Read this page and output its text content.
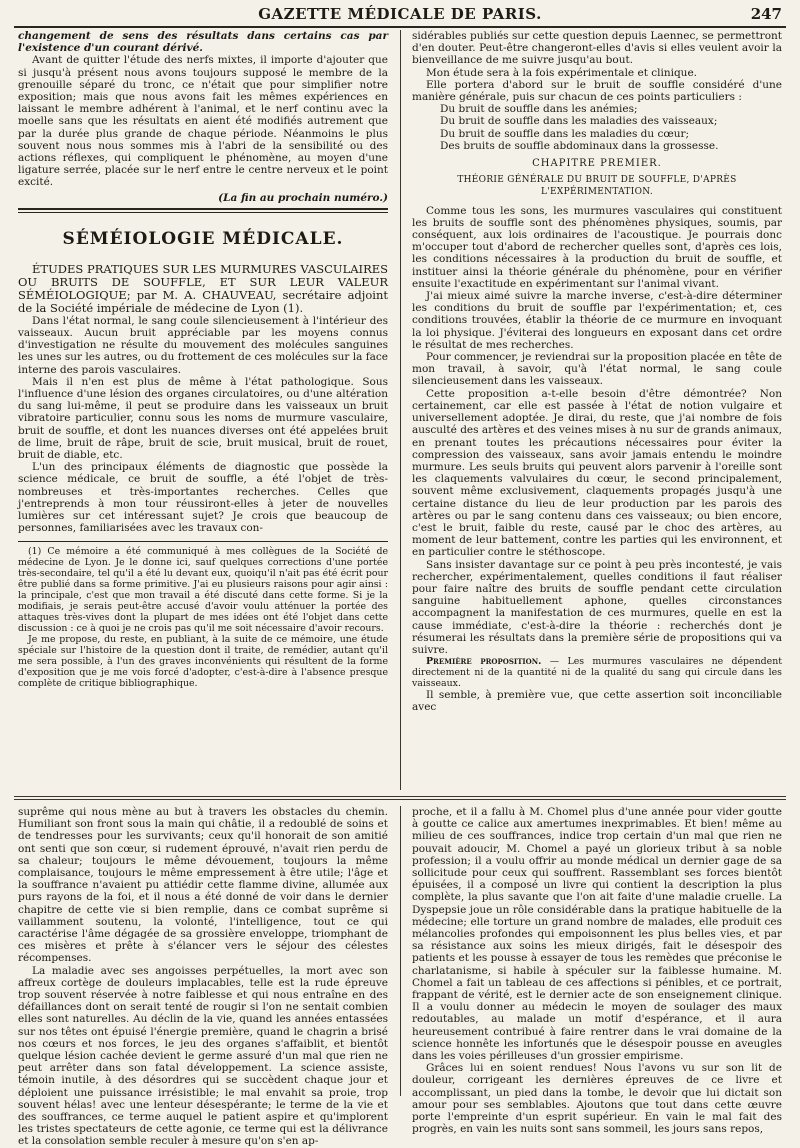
GAZETTE MÉDICALE DE PARIS.	247

changement de sens des résultats dans certains cas par l'existence d'un courant dérivé.

Avant de quitter l'étude des nerfs mixtes, il importe d'ajouter que si jusqu'à présent nous avons toujours supposé le membre de la grenouille séparé du tronc, ce n'était que pour simplifier notre exposition; mais que nous avons fait les mêmes expériences en laissant le membre adhérent à l'animal, et le nerf continu avec la moelle sans que les résultats en aient été modifiés autrement que par la durée plus grande de chaque période. Néanmoins le plus souvent nous nous sommes mis à l'abri de la sensibilité ou des actions réflexes, qui compliquent le phénomène, au moyen d'une ligature serrée, placée sur le nerf entre le centre nerveux et le point excité.

(La fin au prochain numéro.)
SÉMÉIOLOGIE MÉDICALE.

ÉTUDES PRATIQUES SUR LES MURMURES VASCULAIRES OU BRUITS DE SOUFFLE, ET SUR LEUR VALEUR SÉMÉIOLOGIQUE; par M. A. CHAUVEAU, secrétaire adjoint de la Société impériale de médecine de Lyon (1).

Dans l'état normal, le sang coule silencieusement à l'intérieur des vaisseaux. Aucun bruit appréciable par les moyens connus d'investigation ne résulte du mouvement des molécules sanguines les unes sur les autres, ou du frottement de ces molécules sur la face interne des parois vasculaires.

Mais il n'en est plus de même à l'état pathologique. Sous l'influence d'une lésion des organes circulatoires, ou d'une altération du sang lui-même, il peut se produire dans les vaisseaux un bruit vibratoire particulier, connu sous les noms de murmure vasculaire, bruit de souffle, et dont les nuances diverses ont été appelées bruit de lime, bruit de râpe, bruit de scie, bruit musical, bruit de rouet, bruit de diable, etc.

L'un des principaux éléments de diagnostic que possède la science médicale, ce bruit de souffle, a été l'objet de très-nombreuses et très-importantes recherches. Celles que j'entreprends à mon tour réussiront-elles à jeter de nouvelles lumières sur cet intéressant sujet? Je crois que beaucoup de personnes, familiarisées avec les travaux con-

(1) Ce mémoire a été communiqué à mes collègues de la Société de médecine de Lyon. Je le donne ici, sauf quelques corrections d'une portée très-secondaire, tel qu'il a été lu devant eux, quoiqu'il n'ait pas été écrit pour être publié dans sa forme primitive. J'ai eu plusieurs raisons pour agir ainsi : la principale, c'est que mon travail a été discuté dans cette forme. Si je la modifiais, je serais peut-être accusé d'avoir voulu atténuer la portée des attaques très-vives dont la plupart de mes idées ont été l'objet dans cette discussion : ce à quoi je ne crois pas qu'il me soit nécessaire d'avoir recours.

Je me propose, du reste, en publiant, à la suite de ce mémoire, une étude spéciale sur l'histoire de la question dont il traite, de remédier, autant qu'il me sera possible, à l'un des graves inconvénients qui résultent de la forme d'exposition que je me vois forcé d'adopter, c'est-à-dire à l'absence presque complète de critique bibliographique.

sidérables publiés sur cette question depuis Laennec, se permettront d'en douter. Peut-être changeront-elles d'avis si elles veulent avoir la bienveillance de me suivre jusqu'au bout.

Mon étude sera à la fois expérimentale et clinique.

Elle portera d'abord sur le bruit de souffle considéré d'une manière générale, puis sur chacun de ces points particuliers :

Du bruit de souffle dans les anémies;

Du bruit de souffle dans les maladies des vaisseaux;

Du bruit de souffle dans les maladies du cœur;

Des bruits de souffle abdominaux dans la grossesse.

CHAPITRE PREMIER.
THÉORIE GÉNÉRALE DU BRUIT DE SOUFFLE, D'APRÈS L'EXPÉRIMENTATION.

Comme tous les sons, les murmures vasculaires qui constituent les bruits de souffle sont des phénomènes physiques, soumis, par conséquent, aux lois ordinaires de l'acoustique. Je pourrais donc m'occuper tout d'abord de rechercher quelles sont, d'après ces lois, les conditions nécessaires à la production du bruit de souffle, et instituer ainsi la théorie générale du phénomène, pour en vérifier ensuite l'exactitude en expérimentant sur l'animal vivant.

J'ai mieux aimé suivre la marche inverse, c'est-à-dire déterminer les conditions du bruit de souffle par l'expérimentation; et, ces conditions trouvées, établir la théorie de ce murmure en invoquant la loi physique. J'éviterai des longueurs en exposant dans cet ordre le résultat de mes recherches.

Pour commencer, je reviendrai sur la proposition placée en tête de mon travail, à savoir, qu'à l'état normal, le sang coule silencieusement dans les vaisseaux.

Cette proposition a-t-elle besoin d'être démontrée? Non certainement, car elle est passée à l'état de notion vulgaire et universellement adoptée. Je dirai, du reste, que j'ai nombre de fois ausculté des artères et des veines mises à nu sur de grands animaux, en prenant toutes les précautions nécessaires pour éviter la compression des vaisseaux, sans avoir jamais entendu le moindre murmure. Les seuls bruits qui peuvent alors parvenir à l'oreille sont les claquements valvulaires du cœur, le second principalement, souvent même exclusivement, claquements propagés jusqu'à une certaine distance du lieu de leur production par les parois des artères ou par le sang contenu dans ces vaisseaux; ou bien encore, c'est le bruit, faible du reste, causé par le choc des artères, au moment de leur battement, contre les parties qui les environnent, et en particulier contre le stéthoscope.

Sans insister davantage sur ce point à peu près incontesté, je vais rechercher, expérimentalement, quelles conditions il faut réaliser pour faire naître des bruits de souffle pendant cette circulation sanguine habituellement aphone, quelles circonstances accompagnent la manifestation de ces murmures, quelle en est la cause immédiate, c'est-à-dire la théorie : recherchés dont je résumerai les résultats dans la première série de propositions qui va suivre.

Première proposition. — Les murmures vasculaires ne dépendent directement ni de la quantité ni de la qualité du sang qui circule dans les vaisseaux.

Il semble, à première vue, que cette assertion soit inconciliable avec

suprême qui nous mène au but à travers les obstacles du chemin. Humiliant son front sous la main qui châtie, il a redoublé de soins et de tendresses pour les survivants; ceux qu'il honorait de son amitié ont senti que son cœur, si rudement éprouvé, n'avait rien perdu de sa chaleur; toujours le même dévouement, toujours la même complaisance, toujours le même empressement à être utile; l'âge et la souffrance n'avaient pu attiédir cette flamme divine, allumée aux purs rayons de la foi, et il nous a été donné de voir dans le dernier chapitre de cette vie si bien remplie, dans ce combat suprême si vaillamment soutenu, la volonté, l'intelligence, tout ce qui caractérise l'âme dégagée de sa grossière enveloppe, triomphant de ces misères et prête à s'élancer vers le séjour des célestes récompenses.

La maladie avec ses angoisses perpétuelles, la mort avec son affreux cortège de douleurs implacables, telle est la rude épreuve trop souvent réservée à notre faiblesse et qui nous entraîne en des défaillances dont on serait tenté de rougir si l'on ne sentait combien elles sont naturelles. Au déclin de la vie, quand les années entassées sur nos têtes ont épuisé l'énergie première, quand le chagrin a brisé nos cœurs et nos forces, le jeu des organes s'affaiblit, et bientôt quelque lésion cachée devient le germe assuré d'un mal que rien ne peut arrêter dans son fatal développement. La science assiste, témoin inutile, à des désordres qui se succèdent chaque jour et déploient une puissance irrésistible; le mal envahit sa proie, trop souvent hélas! avec une lenteur désespérante; le terme de la vie et des souffrances, ce terme auquel le patient aspire et qu'implorent les tristes spectateurs de cette agonie, ce terme qui est la délivrance et la consolation semble reculer à mesure qu'on s'en ap-

proche, et il a fallu à M. Chomel plus d'une année pour vider goutte à goutte ce calice aux amertumes inexprimables. Et bien! même au milieu de ces souffrances, indice trop certain d'un mal que rien ne pouvait adoucir, M. Chomel a payé un glorieux tribut à sa noble profession; il a voulu offrir au monde médical un dernier gage de sa sollicitude pour ceux qui souffrent. Rassemblant ses forces bientôt épuisées, il a composé un livre qui contient la description la plus complète, la plus savante que l'on ait faite d'une maladie cruelle. La Dyspepsie joue un rôle considérable dans la pratique habituelle de la médecine; elle torture un grand nombre de malades, elle produit ces mélancolies profondes qui empoisonnent les plus belles vies, et par sa résistance aux soins les mieux dirigés, fait le désespoir des patients et les pousse à essayer de tous les remèdes que préconise le charlatanisme, si habile à spéculer sur la faiblesse humaine. M. Chomel a fait un tableau de ces affections si pénibles, et ce portrait, frappant de vérité, est le dernier acte de son enseignement clinique. Il a voulu donner au médecin le moyen de soulager des maux redoutables, au malade un motif d'espérance, et il aura heureusement contribué à faire rentrer dans le vrai domaine de la science honnête les infortunés que le désespoir pousse en aveugles dans les voies périlleuses d'un grossier empirisme.

Grâces lui en soient rendues! Nous l'avons vu sur son lit de douleur, corrigeant les dernières épreuves de ce livre et accomplissant, un pied dans la tombe, le devoir que lui dictait son amour pour ses semblables. Ajoutons que tout dans cette œuvre porte l'empreinte d'un esprit supérieur. En vain le mal fait des progrès, en vain les nuits sont sans sommeil, les jours sans repos,
